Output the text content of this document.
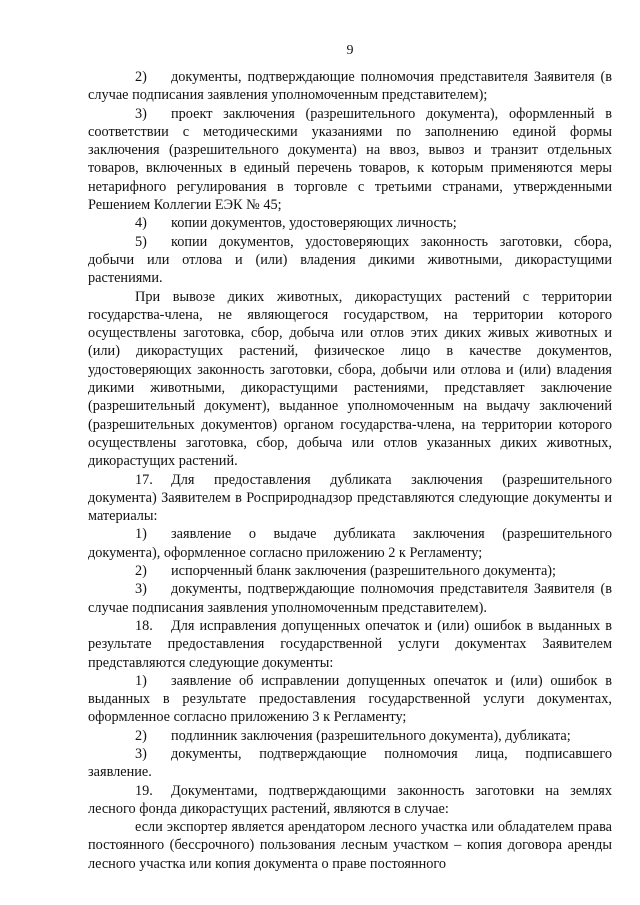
9

2) документы, подтверждающие полномочия представителя Заявителя (в случае подписания заявления уполномоченным представителем);

3) проект заключения (разрешительного документа), оформленный в соответствии с методическими указаниями по заполнению единой формы заключения (разрешительного документа) на ввоз, вывоз и транзит отдельных товаров, включенных в единый перечень товаров, к которым применяются меры нетарифного регулирования в торговле с третьими странами, утвержденными Решением Коллегии ЕЭК № 45;

4) копии документов, удостоверяющих личность;

5) копии документов, удостоверяющих законность заготовки, сбора, добычи или отлова и (или) владения дикими животными, дикорастущими растениями.

При вывозе диких животных, дикорастущих растений с территории государства-члена, не являющегося государством, на территории которого осуществлены заготовка, сбор, добыча или отлов этих диких живых животных и (или) дикорастущих растений, физическое лицо в качестве документов, удостоверяющих законность заготовки, сбора, добычи или отлова и (или) владения дикими животными, дикорастущими растениями, представляет заключение (разрешительный документ), выданное уполномоченным на выдачу заключений (разрешительных документов) органом государства-члена, на территории которого осуществлены заготовка, сбор, добыча или отлов указанных диких животных, дикорастущих растений.

17. Для предоставления дубликата заключения (разрешительного документа) Заявителем в Росприроднадзор представляются следующие документы и материалы:

1) заявление о выдаче дубликата заключения (разрешительного документа), оформленное согласно приложению 2 к Регламенту;

2) испорченный бланк заключения (разрешительного документа);

3) документы, подтверждающие полномочия представителя Заявителя (в случае подписания заявления уполномоченным представителем).

18. Для исправления допущенных опечаток и (или) ошибок в выданных в результате предоставления государственной услуги документах Заявителем представляются следующие документы:

1) заявление об исправлении допущенных опечаток и (или) ошибок в выданных в результате предоставления государственной услуги документах, оформленное согласно приложению 3 к Регламенту;

2) подлинник заключения (разрешительного документа), дубликата;

3) документы, подтверждающие полномочия лица, подписавшего заявление.

19. Документами, подтверждающими законность заготовки на землях лесного фонда дикорастущих растений, являются в случае:

если экспортер является арендатором лесного участка или обладателем права постоянного (бессрочного) пользования лесным участком – копия договора аренды лесного участка или копия документа о праве постоянного
